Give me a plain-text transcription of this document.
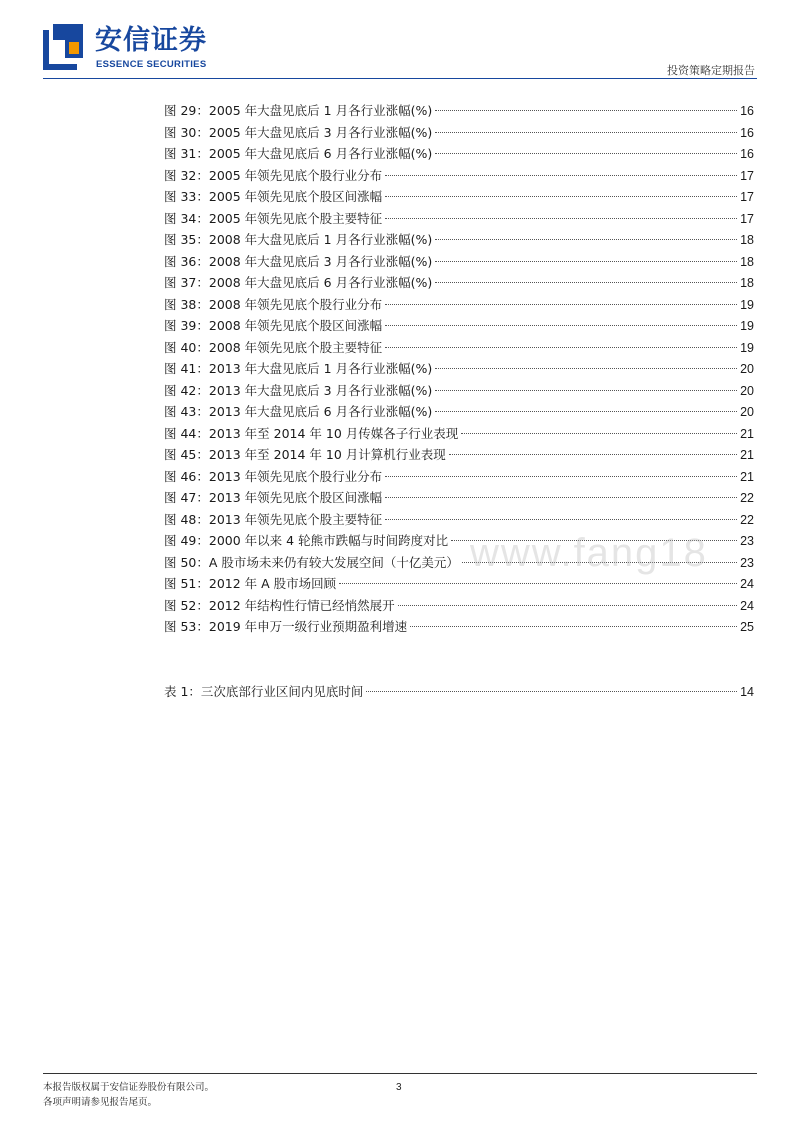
安信证券
ESSENCE SECURITIES	投资策略定期报告
图 29：2005 年大盘见底后 1 月各行业涨幅(%)	16
图 30：2005 年大盘见底后 3 月各行业涨幅(%)	16
图 31：2005 年大盘见底后 6 月各行业涨幅(%)	16
图 32：2005 年领先见底个股行业分布	17
图 33：2005 年领先见底个股区间涨幅	17
图 34：2005 年领先见底个股主要特征	17
图 35：2008 年大盘见底后 1 月各行业涨幅(%)	18
图 36：2008 年大盘见底后 3 月各行业涨幅(%)	18
图 37：2008 年大盘见底后 6 月各行业涨幅(%)	18
图 38：2008 年领先见底个股行业分布	19
图 39：2008 年领先见底个股区间涨幅	19
图 40：2008 年领先见底个股主要特征	19
图 41：2013 年大盘见底后 1 月各行业涨幅(%)	20
图 42：2013 年大盘见底后 3 月各行业涨幅(%)	20
图 43：2013 年大盘见底后 6 月各行业涨幅(%)	20
图 44：2013 年至 2014 年 10 月传媒各子行业表现	21
图 45：2013 年至 2014 年 10 月计算机行业表现	21
图 46：2013 年领先见底个股行业分布	21
图 47：2013 年领先见底个股区间涨幅	22
图 48：2013 年领先见底个股主要特征	22
图 49：2000 年以来 4 轮熊市跌幅与时间跨度对比	23
图 50：A 股市场未来仍有较大发展空间（十亿美元）	23
图 51：2012 年 A 股市场回顾	24
图 52：2012 年结构性行情已经悄然展开	24
图 53：2019 年申万一级行业预期盈利增速	25
表 1：三次底部行业区间内见底时间	14
www.fang18
本报告版权属于安信证券股份有限公司。
各项声明请参见报告尾页。
3
